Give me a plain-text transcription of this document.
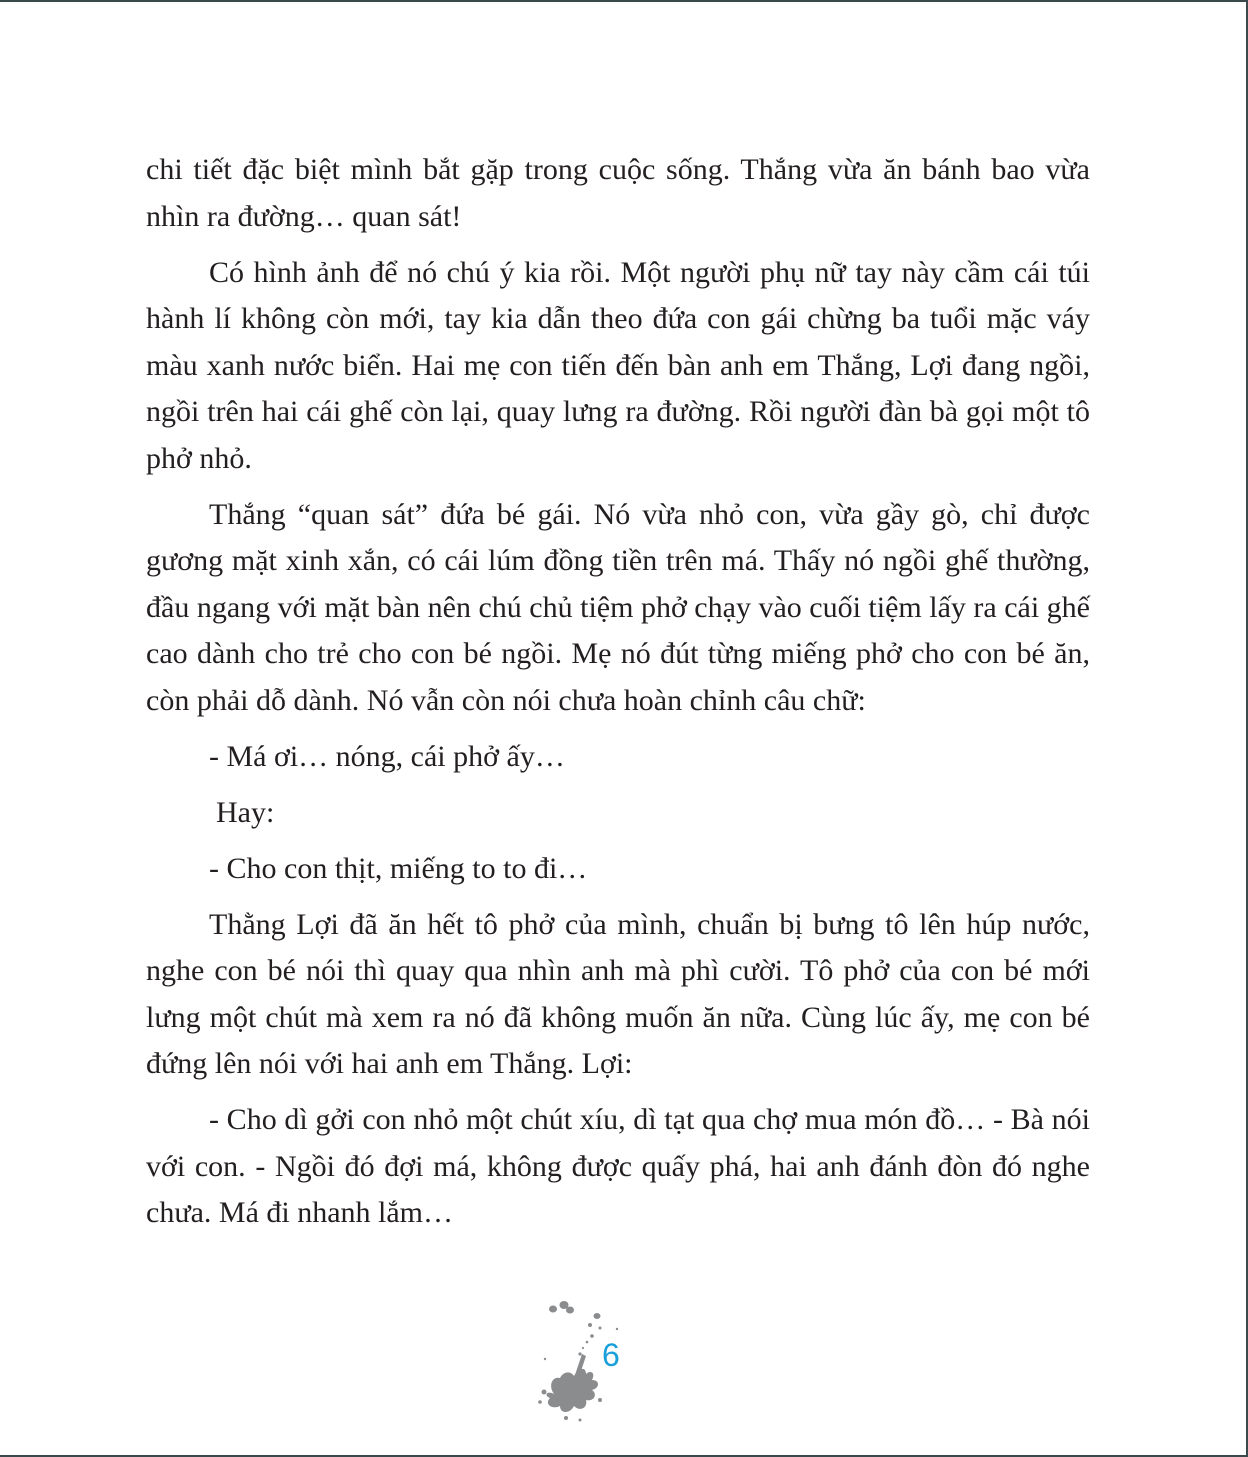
chi tiết đặc biệt mình bắt gặp trong cuộc sống. Thắng vừa ăn bánh bao vừa nhìn ra đường… quan sát!

Có hình ảnh để nó chú ý kia rồi. Một người phụ nữ tay này cầm cái túi hành lí không còn mới, tay kia dẫn theo đứa con gái chừng ba tuổi mặc váy màu xanh nước biển. Hai mẹ con tiến đến bàn anh em Thắng, Lợi đang ngồi, ngồi trên hai cái ghế còn lại, quay lưng ra đường. Rồi người đàn bà gọi một tô phở nhỏ.

Thắng “quan sát” đứa bé gái. Nó vừa nhỏ con, vừa gầy gò, chỉ được gương mặt xinh xắn, có cái lúm đồng tiền trên má. Thấy nó ngồi ghế thường, đầu ngang với mặt bàn nên chú chủ tiệm phở chạy vào cuối tiệm lấy ra cái ghế cao dành cho trẻ cho con bé ngồi. Mẹ nó đút từng miếng phở cho con bé ăn, còn phải dỗ dành. Nó vẫn còn nói chưa hoàn chỉnh câu chữ:

- Má ơi… nóng, cái phở ấy…

Hay:

- Cho con thịt, miếng to to đi…

Thằng Lợi đã ăn hết tô phở của mình, chuẩn bị bưng tô lên húp nước, nghe con bé nói thì quay qua nhìn anh mà phì cười. Tô phở của con bé mới lưng một chút mà xem ra nó đã không muốn ăn nữa. Cùng lúc ấy, mẹ con bé đứng lên nói với hai anh em Thắng. Lợi:

- Cho dì gởi con nhỏ một chút xíu, dì tạt qua chợ mua món đồ… - Bà nói với con. - Ngồi đó đợi má, không được quấy phá, hai anh đánh đòn đó nghe chưa. Má đi nhanh lắm…

6
